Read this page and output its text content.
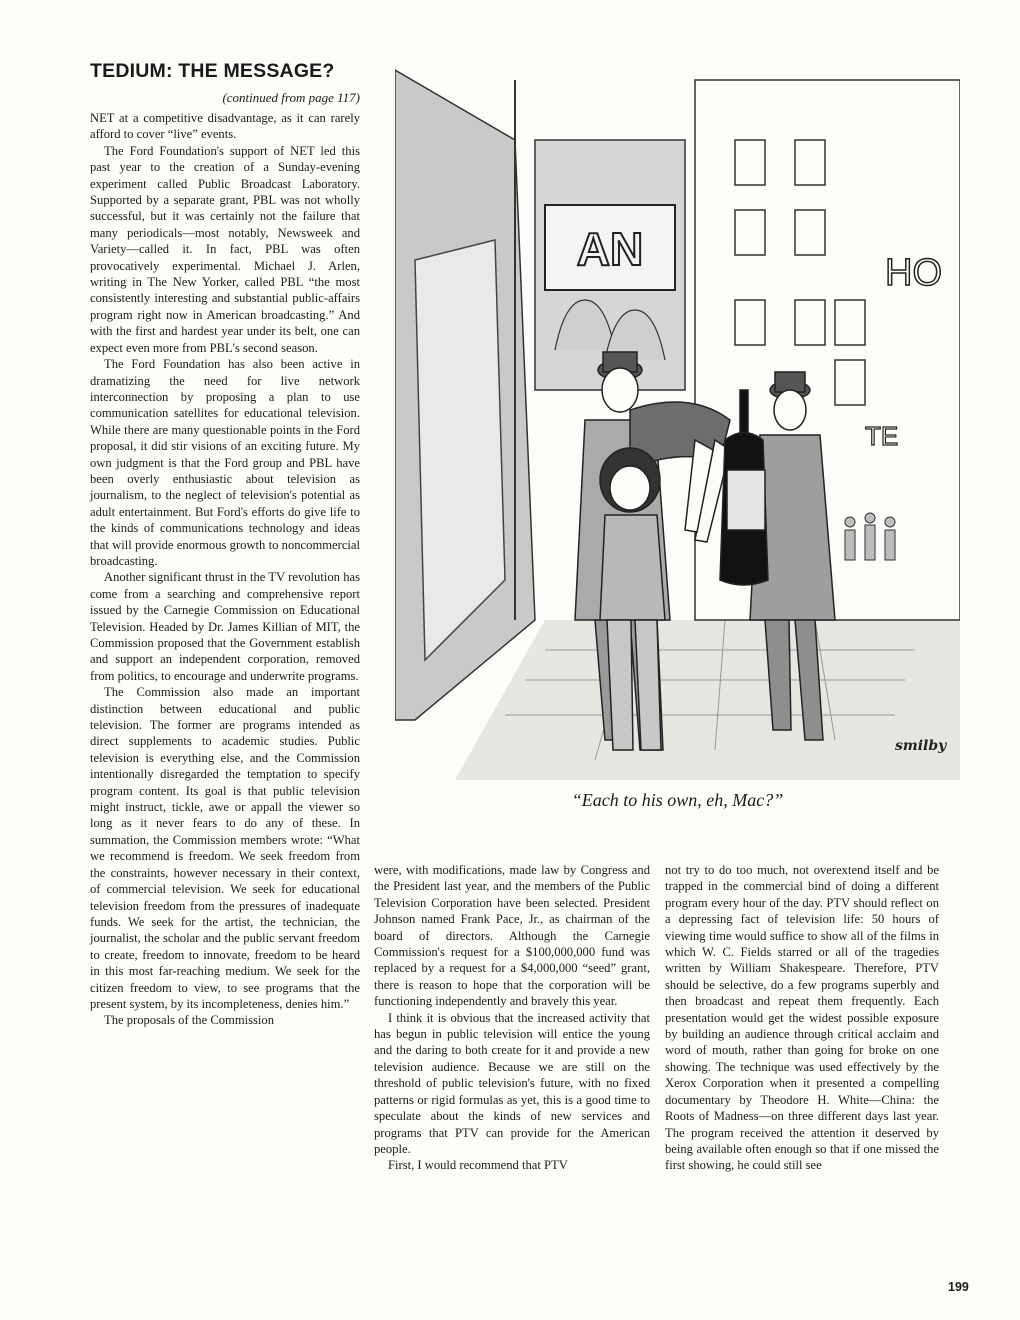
TEDIUM: THE MESSAGE?

(continued from page 117)

NET at a competitive disadvantage, as it can rarely afford to cover “live” events.

The Ford Foundation's support of NET led this past year to the creation of a Sunday-evening experiment called Public Broadcast Laboratory. Supported by a separate grant, PBL was not wholly successful, but it was certainly not the failure that many periodicals—most notably, Newsweek and Variety—called it. In fact, PBL was often provocatively experimental. Michael J. Arlen, writing in The New Yorker, called PBL “the most consistently interesting and substantial public-affairs program right now in American broadcasting.” And with the first and hardest year under its belt, one can expect even more from PBL's second season.

The Ford Foundation has also been active in dramatizing the need for live network interconnection by proposing a plan to use communication satellites for educational television. While there are many questionable points in the Ford proposal, it did stir visions of an exciting future. My own judgment is that the Ford group and PBL have been overly enthusiastic about television as journalism, to the neglect of television's potential as adult entertainment. But Ford's efforts do give life to the kinds of communications technology and ideas that will provide enormous growth to noncommercial broadcasting.

Another significant thrust in the TV revolution has come from a searching and comprehensive report issued by the Carnegie Commission on Educational Television. Headed by Dr. James Killian of MIT, the Commission proposed that the Government establish and support an independent corporation, removed from politics, to encourage and underwrite programs.

The Commission also made an important distinction between educational and public television. The former are programs intended as direct supplements to academic studies. Public television is everything else, and the Commission intentionally disregarded the temptation to specify program content. Its goal is that public television might instruct, tickle, awe or appall the viewer so long as it never fears to do any of these. In summation, the Commission members wrote: “What we recommend is freedom. We seek freedom from the constraints, however necessary in their context, of commercial television. We seek for educational television freedom from the pressures of inadequate funds. We seek for the artist, the technician, the journalist, the scholar and the public servant freedom to create, freedom to innovate, freedom to be heard in this most far-reaching medium. We seek for the citizen freedom to view, to see programs that the present system, by its incompleteness, denies him.”

The proposals of the Commission

AN	HO
TE
smilby

“Each to his own, eh, Mac?”

were, with modifications, made law by Congress and the President last year, and the members of the Public Television Corporation have been selected. President Johnson named Frank Pace, Jr., as chairman of the board of directors. Although the Carnegie Commission's request for a $100,000,000 fund was replaced by a request for a $4,000,000 “seed” grant, there is reason to hope that the corporation will be functioning independently and bravely this year.

I think it is obvious that the increased activity that has begun in public television will entice the young and the daring to both create for it and provide a new television audience. Because we are still on the threshold of public television's future, with no fixed patterns or rigid formulas as yet, this is a good time to speculate about the kinds of new services and programs that PTV can provide for the American people.

First, I would recommend that PTV

not try to do too much, not overextend itself and be trapped in the commercial bind of doing a different program every hour of the day. PTV should reflect on a depressing fact of television life: 50 hours of viewing time would suffice to show all of the films in which W. C. Fields starred or all of the tragedies written by William Shakespeare. Therefore, PTV should be selective, do a few programs superbly and then broadcast and repeat them frequently. Each presentation would get the widest possible exposure by building an audience through critical acclaim and word of mouth, rather than going for broke on one showing. The technique was used effectively by the Xerox Corporation when it presented a compelling documentary by Theodore H. White—China: the Roots of Madness—on three different days last year. The program received the attention it deserved by being available often enough so that if one missed the first showing, he could still see

199
